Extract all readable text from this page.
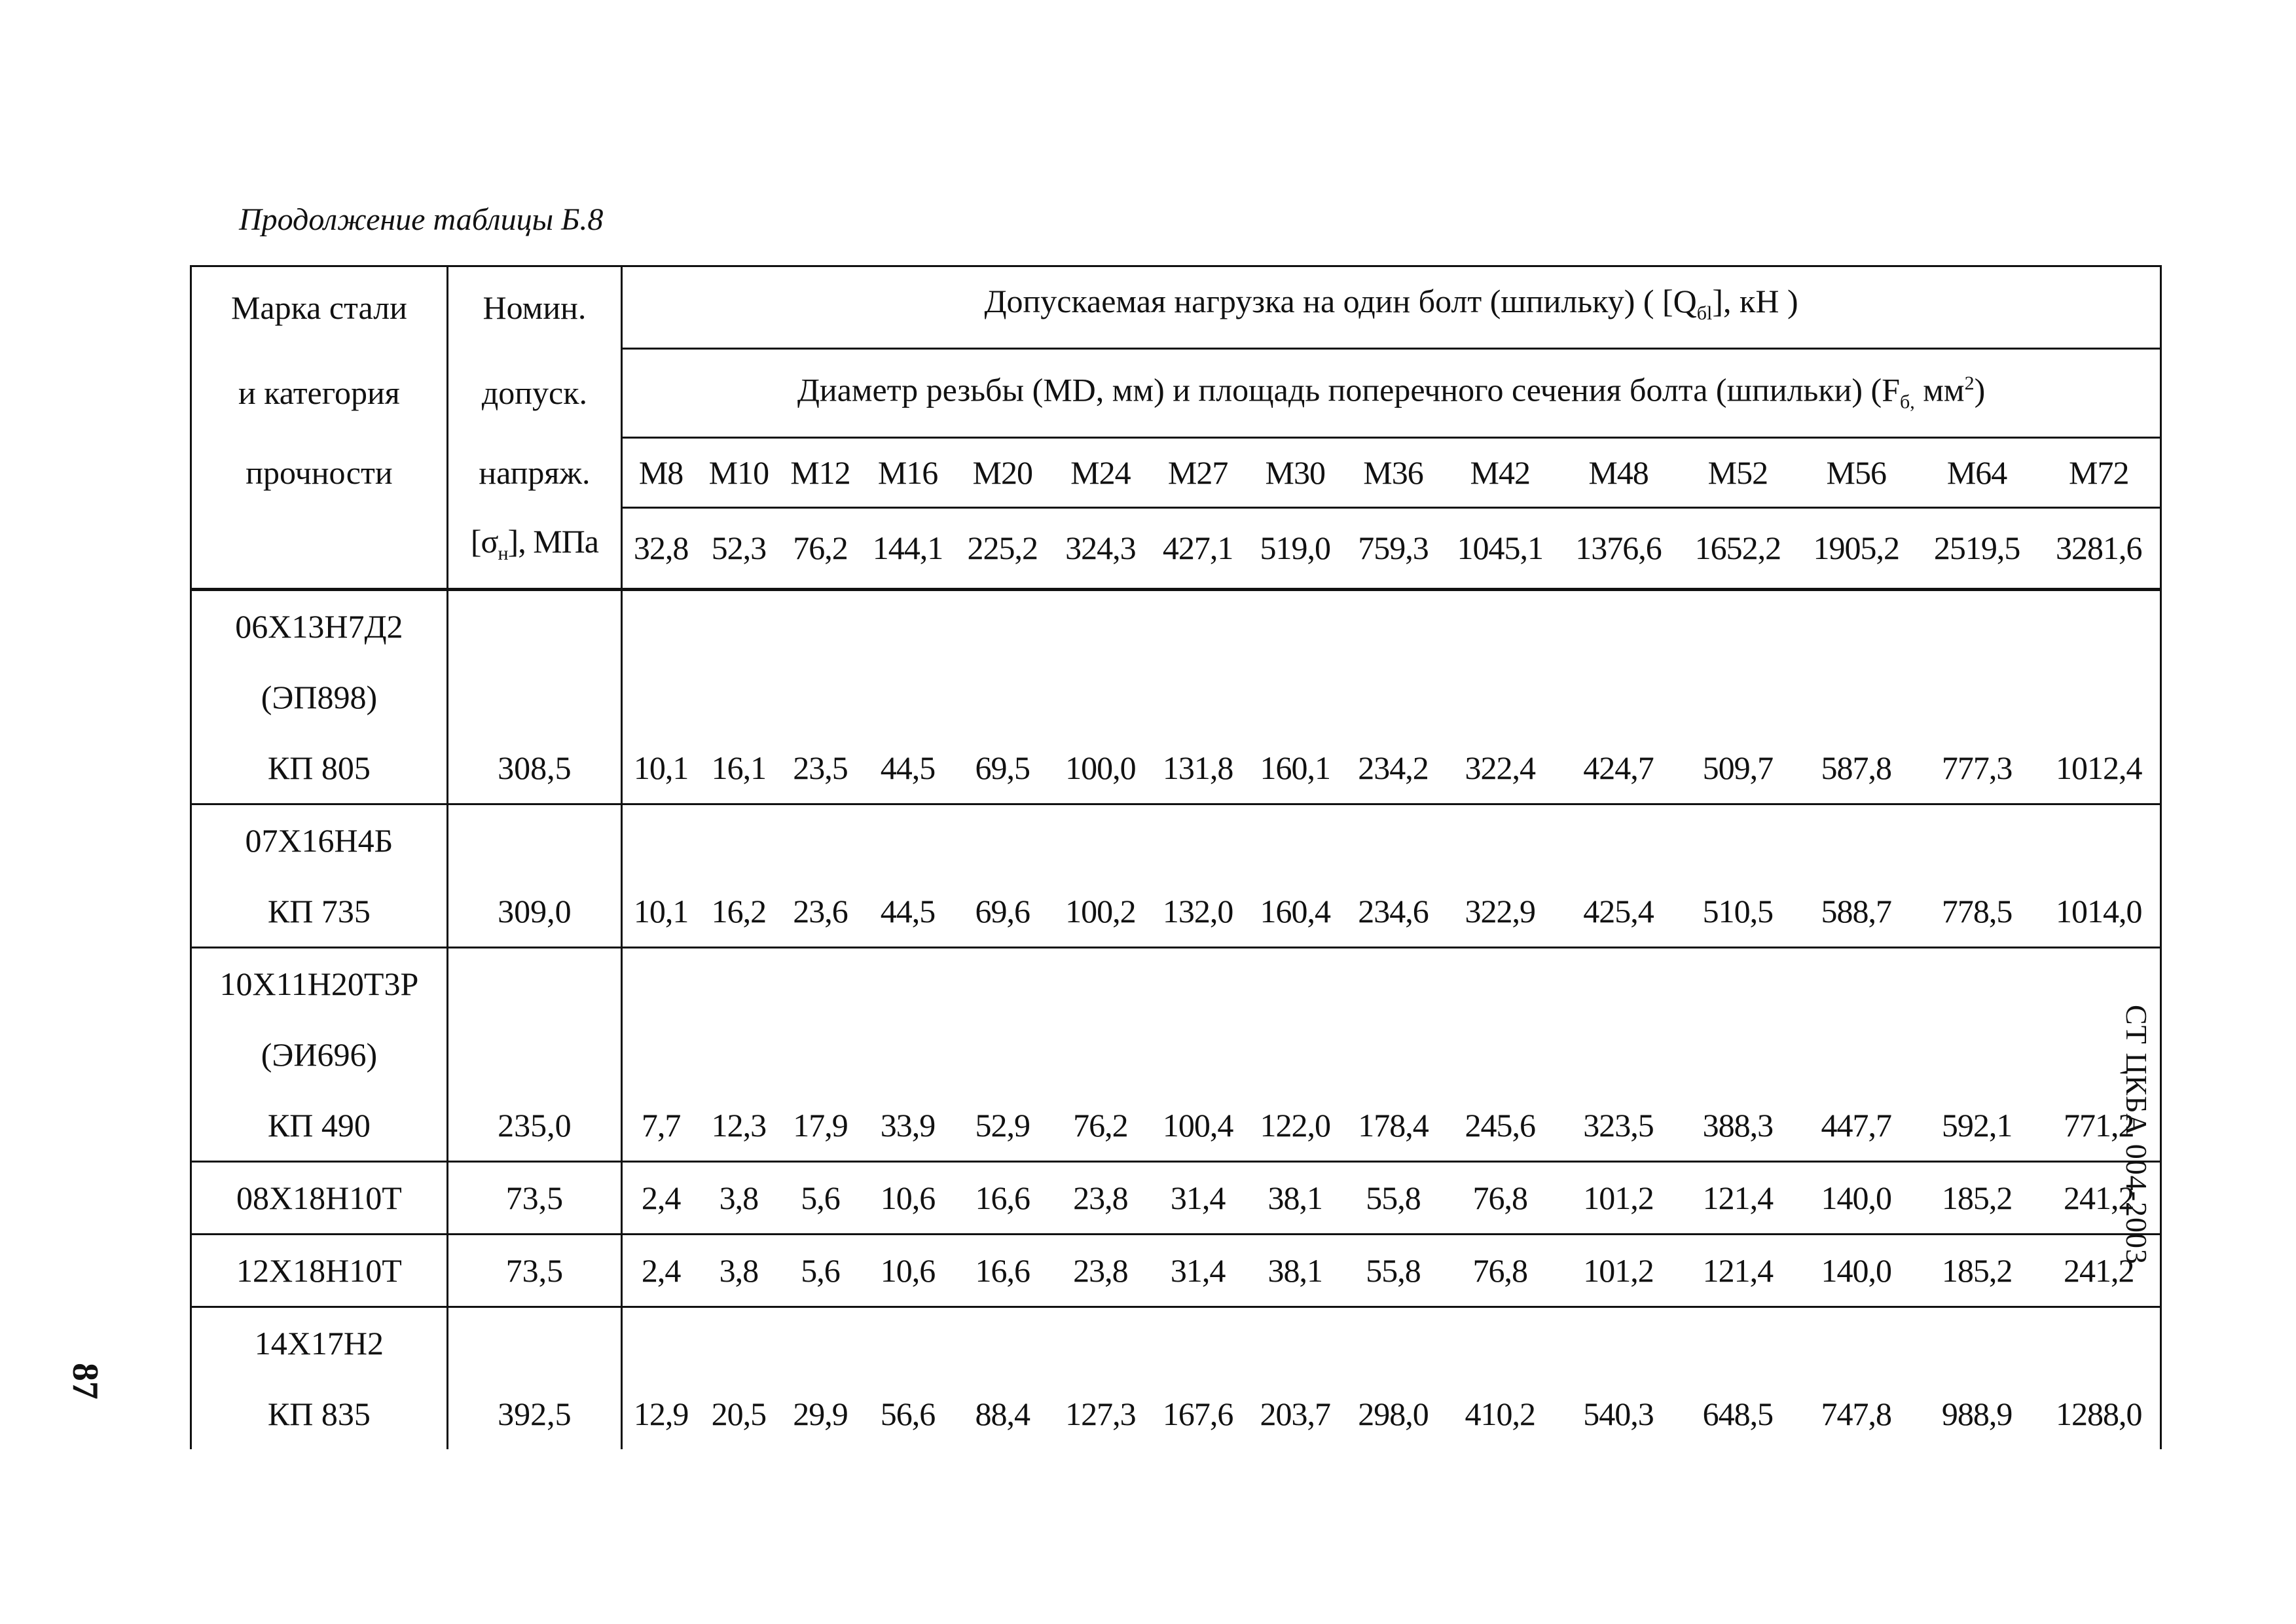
Продолжение таблицы Б.8
Марка стали	Номин.	Допускаемая нагрузка на один болт (шпильку) ( $[Q_{бl}]$, кН )														
и категория	допуск.	Диаметр резьбы (MD, мм) и площадь поперечного сечения болта (шпильки) ($F_{б,}$ $мм^2$)														
прочности	напряж.	M8	M10	M12	M16	M20	M24	M27	M30	M36	M42	M48	M52	M56	M64	M72
	$[\sigma_н]$, МПа	32,8	52,3	76,2	144,1	225,2	324,3	427,1	519,0	759,3	1045,1	1376,6	1652,2	1905,2	2519,5	3281,6
06Х13Н7Д2																
(ЭП898)																
КП 805	308,5	10,1	16,1	23,5	44,5	69,5	100,0	131,8	160,1	234,2	322,4	424,7	509,7	587,8	777,3	1012,4
07Х16Н4Б																
КП 735	309,0	10,1	16,2	23,6	44,5	69,6	100,2	132,0	160,4	234,6	322,9	425,4	510,5	588,7	778,5	1014,0
10Х11Н20Т3Р																
(ЭИ696)																
КП 490	235,0	7,7	12,3	17,9	33,9	52,9	76,2	100,4	122,0	178,4	245,6	323,5	388,3	447,7	592,1	771,2
08Х18Н10Т	73,5	2,4	3,8	5,6	10,6	16,6	23,8	31,4	38,1	55,8	76,8	101,2	121,4	140,0	185,2	241,2
12Х18Н10Т	73,5	2,4	3,8	5,6	10,6	16,6	23,8	31,4	38,1	55,8	76,8	101,2	121,4	140,0	185,2	241,2
14Х17Н2																
КП 835	392,5	12,9	20,5	29,9	56,6	88,4	127,3	167,6	203,7	298,0	410,2	540,3	648,5	747,8	988,9	1288,0
СТ ЦКБА 004-2003
87
